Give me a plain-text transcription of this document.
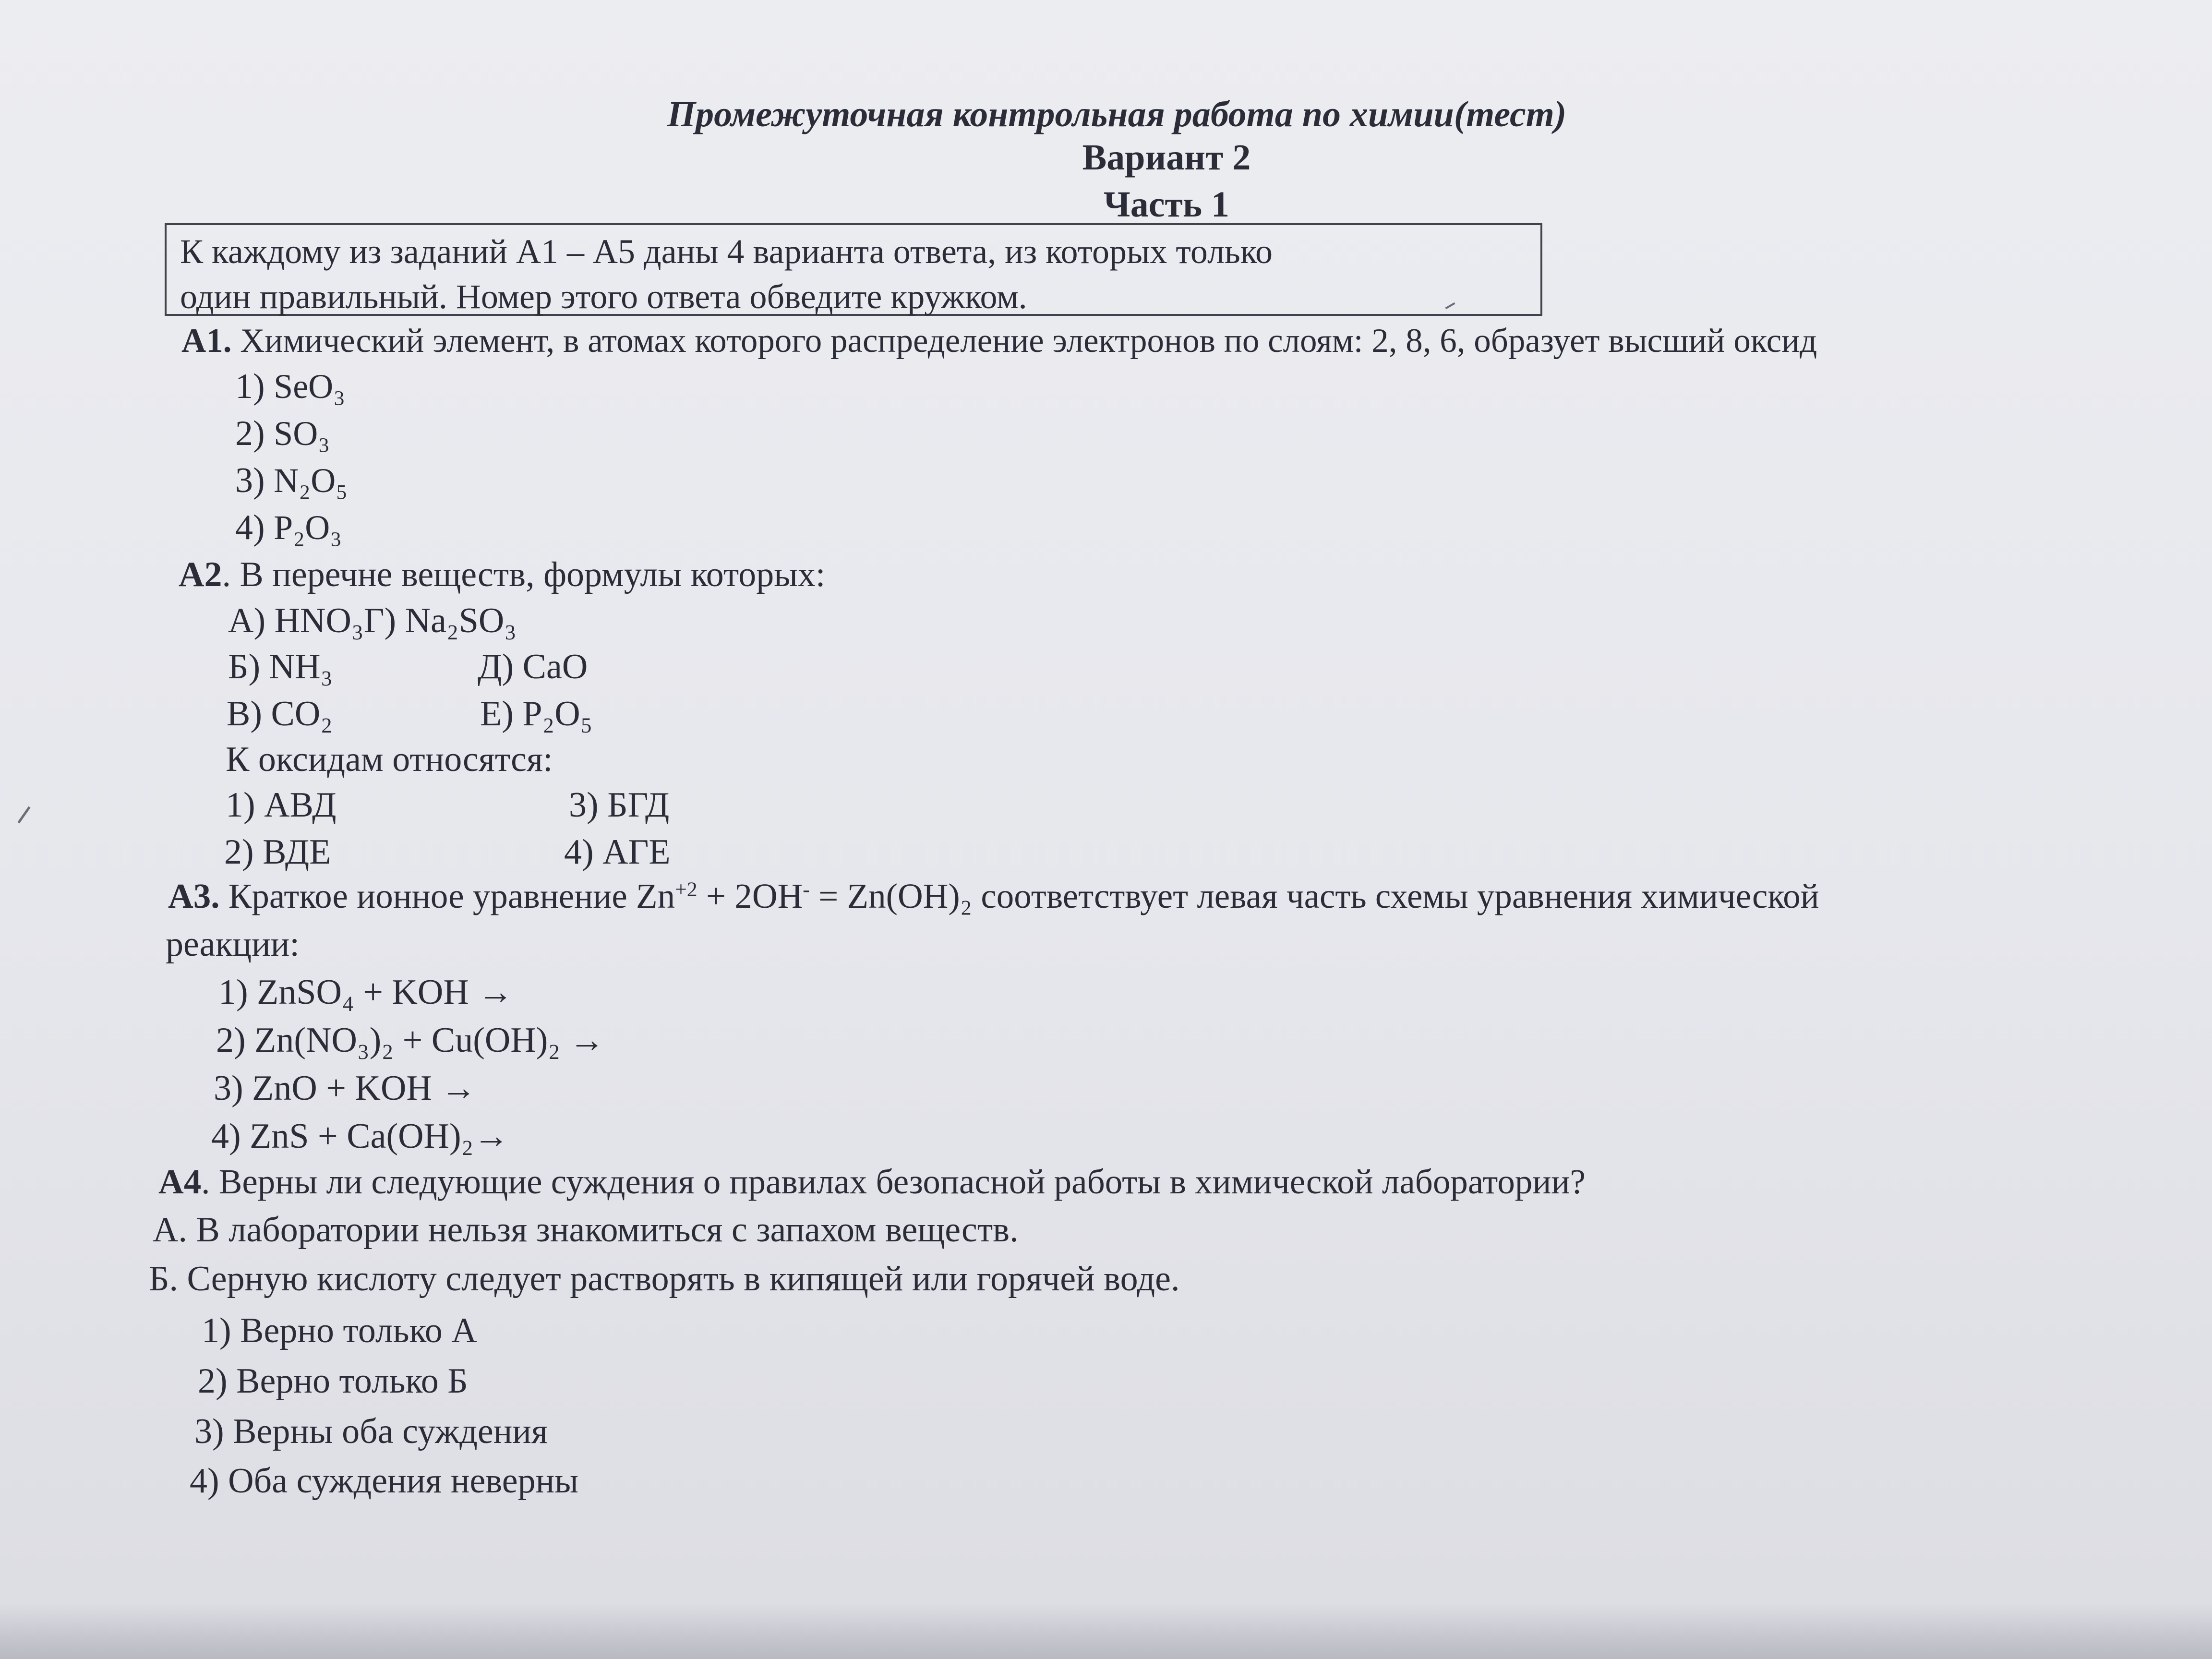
Промежуточная контрольная работа по химии(тест)
Вариант 2
Часть 1
К каждому из заданий А1 – А5 даны 4 варианта ответа, из которых только
один правильный. Номер этого ответа обведите кружком.
А1. Химический элемент, в атомах которого распределение электронов по слоям: 2, 8, 6, образует высший оксид
1) SeO₃
2) SO₃
3) N₂O₅
4) P₂O₃
А2. В перечне веществ, формулы которых:
А) HNO₃Г) Na₂SO₃
Б) NH₃	Д) CaO
В) CO₂	Е) P₂O₅
К оксидам относятся:
1) АВД	3) БГД
2) ВДЕ	4) АГЕ
А3. Краткое ионное уравнение $Zn^{+2} + 2OH^- = Zn(OH)_2$ соответствует левая часть схемы уравнения химической
реакции:
1) ZnSO₄ + KOH →
2) Zn(NO₃)₂ + Cu(OH)₂ →
3) ZnO + KOH →
4) ZnS + Ca(OH)₂→
А4. Верны ли следующие суждения о правилах безопасной работы в химической лаборатории?
А. В лаборатории нельзя знакомиться с запахом веществ.
Б. Серную кислоту следует растворять в кипящей или горячей воде.
1) Верно только А
2) Верно только Б
3) Верны оба суждения
4) Оба суждения неверны
